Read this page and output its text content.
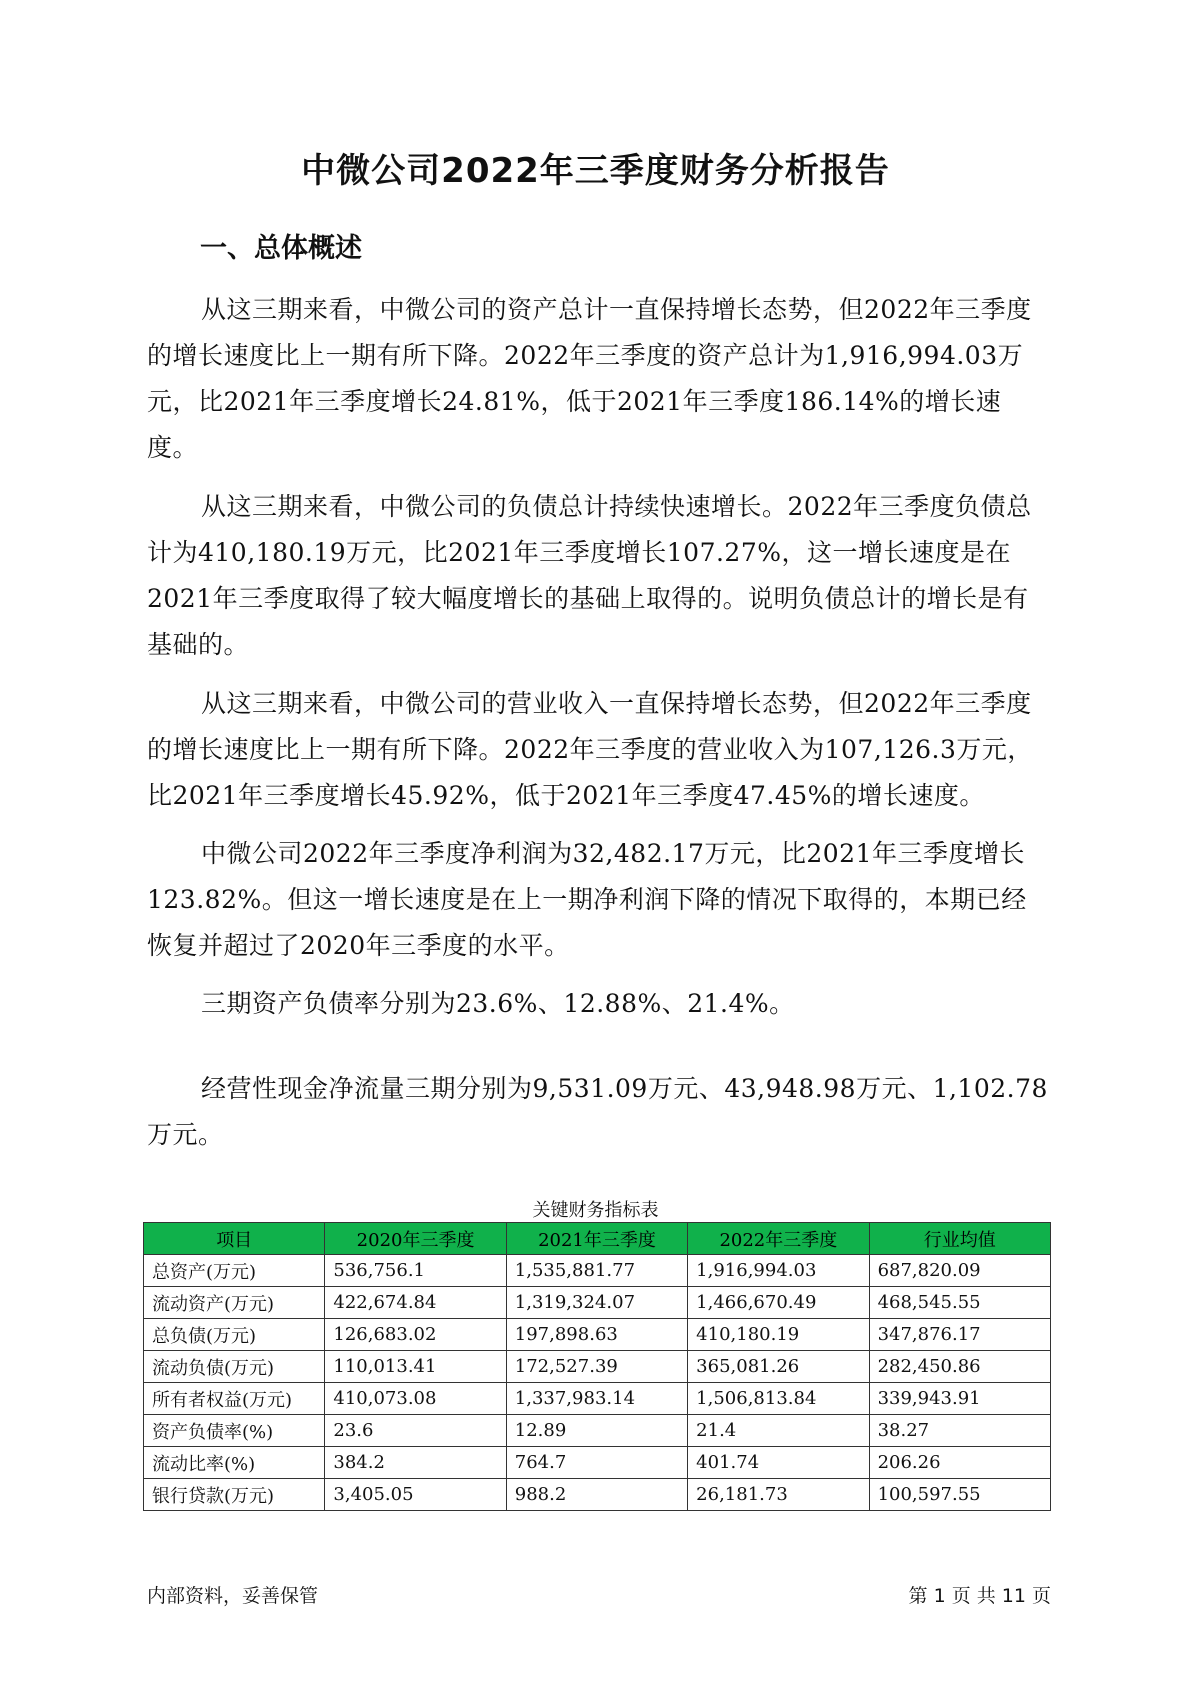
中微公司2022年三季度财务分析报告
一、总体概述

从这三期来看，中微公司的资产总计一直保持增长态势，但2022年三季度的增长速度比上一期有所下降。2022年三季度的资产总计为1,916,994.03万元，比2021年三季度增长24.81%，低于2021年三季度186.14%的增长速度。

从这三期来看，中微公司的负债总计持续快速增长。2022年三季度负债总计为410,180.19万元，比2021年三季度增长107.27%，这一增长速度是在2021年三季度取得了较大幅度增长的基础上取得的。说明负债总计的增长是有基础的。

从这三期来看，中微公司的营业收入一直保持增长态势，但2022年三季度的增长速度比上一期有所下降。2022年三季度的营业收入为107,126.3万元，比2021年三季度增长45.92%，低于2021年三季度47.45%的增长速度。

中微公司2022年三季度净利润为32,482.17万元，比2021年三季度增长123.82%。但这一增长速度是在上一期净利润下降的情况下取得的，本期已经恢复并超过了2020年三季度的水平。

三期资产负债率分别为23.6%、12.88%、21.4%。

经营性现金净流量三期分别为9,531.09万元、43,948.98万元、1,102.78万元。

关键财务指标表
项目	2020年三季度	2021年三季度	2022年三季度	行业均值
总资产(万元)	536,756.1	1,535,881.77	1,916,994.03	687,820.09
流动资产(万元)	422,674.84	1,319,324.07	1,466,670.49	468,545.55
总负债(万元)	126,683.02	197,898.63	410,180.19	347,876.17
流动负债(万元)	110,013.41	172,527.39	365,081.26	282,450.86
所有者权益(万元)	410,073.08	1,337,983.14	1,506,813.84	339,943.91
资产负债率(%)	23.6	12.89	21.4	38.27
流动比率(%)	384.2	764.7	401.74	206.26
银行贷款(万元)	3,405.05	988.2	26,181.73	100,597.55
内部资料，妥善保管	第 1 页 共 11 页
